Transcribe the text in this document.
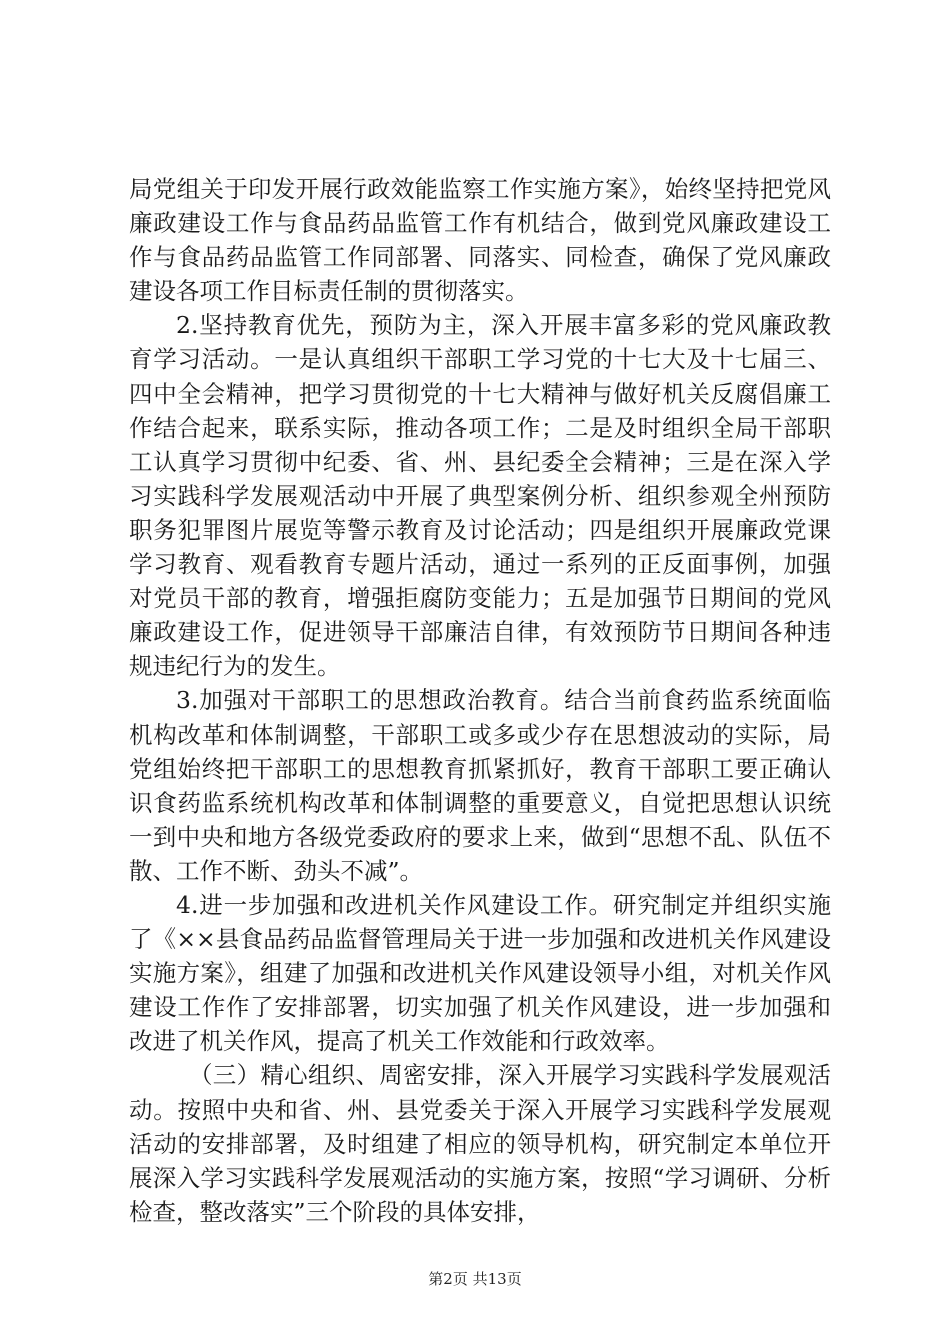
局党组关于印发开展行政效能监察工作实施方案》，始终坚持把党风廉政建设工作与食品药品监管工作有机结合，做到党风廉政建设工作与食品药品监管工作同部署、同落实、同检查，确保了党风廉政建设各项工作目标责任制的贯彻落实。

2.坚持教育优先，预防为主，深入开展丰富多彩的党风廉政教育学习活动。一是认真组织干部职工学习党的十七大及十七届三、四中全会精神，把学习贯彻党的十七大精神与做好机关反腐倡廉工作结合起来，联系实际，推动各项工作；二是及时组织全局干部职工认真学习贯彻中纪委、省、州、县纪委全会精神；三是在深入学习实践科学发展观活动中开展了典型案例分析、组织参观全州预防职务犯罪图片展览等警示教育及讨论活动；四是组织开展廉政党课学习教育、观看教育专题片活动，通过一系列的正反面事例，加强对党员干部的教育，增强拒腐防变能力；五是加强节日期间的党风廉政建设工作，促进领导干部廉洁自律，有效预防节日期间各种违规违纪行为的发生。

3.加强对干部职工的思想政治教育。结合当前食药监系统面临机构改革和体制调整，干部职工或多或少存在思想波动的实际，局党组始终把干部职工的思想教育抓紧抓好，教育干部职工要正确认识食药监系统机构改革和体制调整的重要意义，自觉把思想认识统一到中央和地方各级党委政府的要求上来，做到“思想不乱、队伍不散、工作不断、劲头不减”。

4.进一步加强和改进机关作风建设工作。研究制定并组织实施了《××县食品药品监督管理局关于进一步加强和改进机关作风建设实施方案》，组建了加强和改进机关作风建设领导小组，对机关作风建设工作作了安排部署，切实加强了机关作风建设，进一步加强和改进了机关作风，提高了机关工作效能和行政效率。

（三）精心组织、周密安排，深入开展学习实践科学发展观活动。按照中央和省、州、县党委关于深入开展学习实践科学发展观活动的安排部署，及时组建了相应的领导机构，研究制定本单位开展深入学习实践科学发展观活动的实施方案，按照“学习调研、分析检查，整改落实”三个阶段的具体安排，

第2页 共13页
